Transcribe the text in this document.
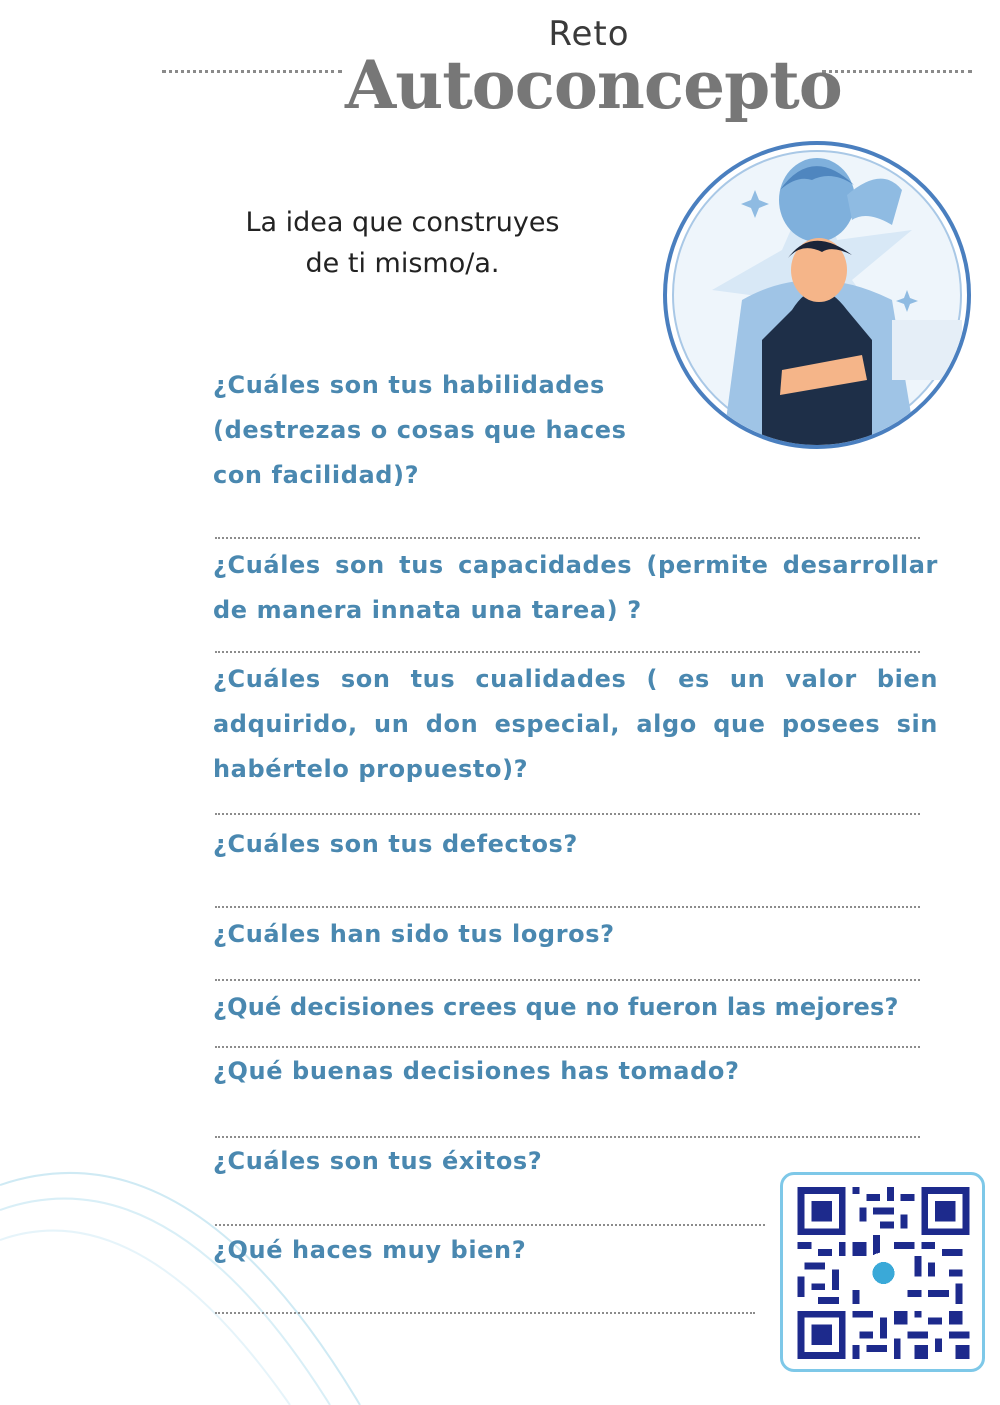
Reto
Autoconcepto
La idea que construyes
de ti mismo/a.
¿Cuáles son tus habilidades (destrezas o cosas que haces con facilidad)?
¿Cuáles son tus capacidades (permite desarrollar de manera innata una tarea) ?
¿Cuáles son tus cualidades ( es un valor bien adquirido, un don especial, algo que posees sin habértelo propuesto)?
¿Cuáles son tus defectos?
¿Cuáles han sido tus logros?
¿Qué decisiones crees que no fueron las mejores?
¿Qué buenas decisiones has tomado?
¿Cuáles son tus éxitos?
¿Qué haces muy bien?
